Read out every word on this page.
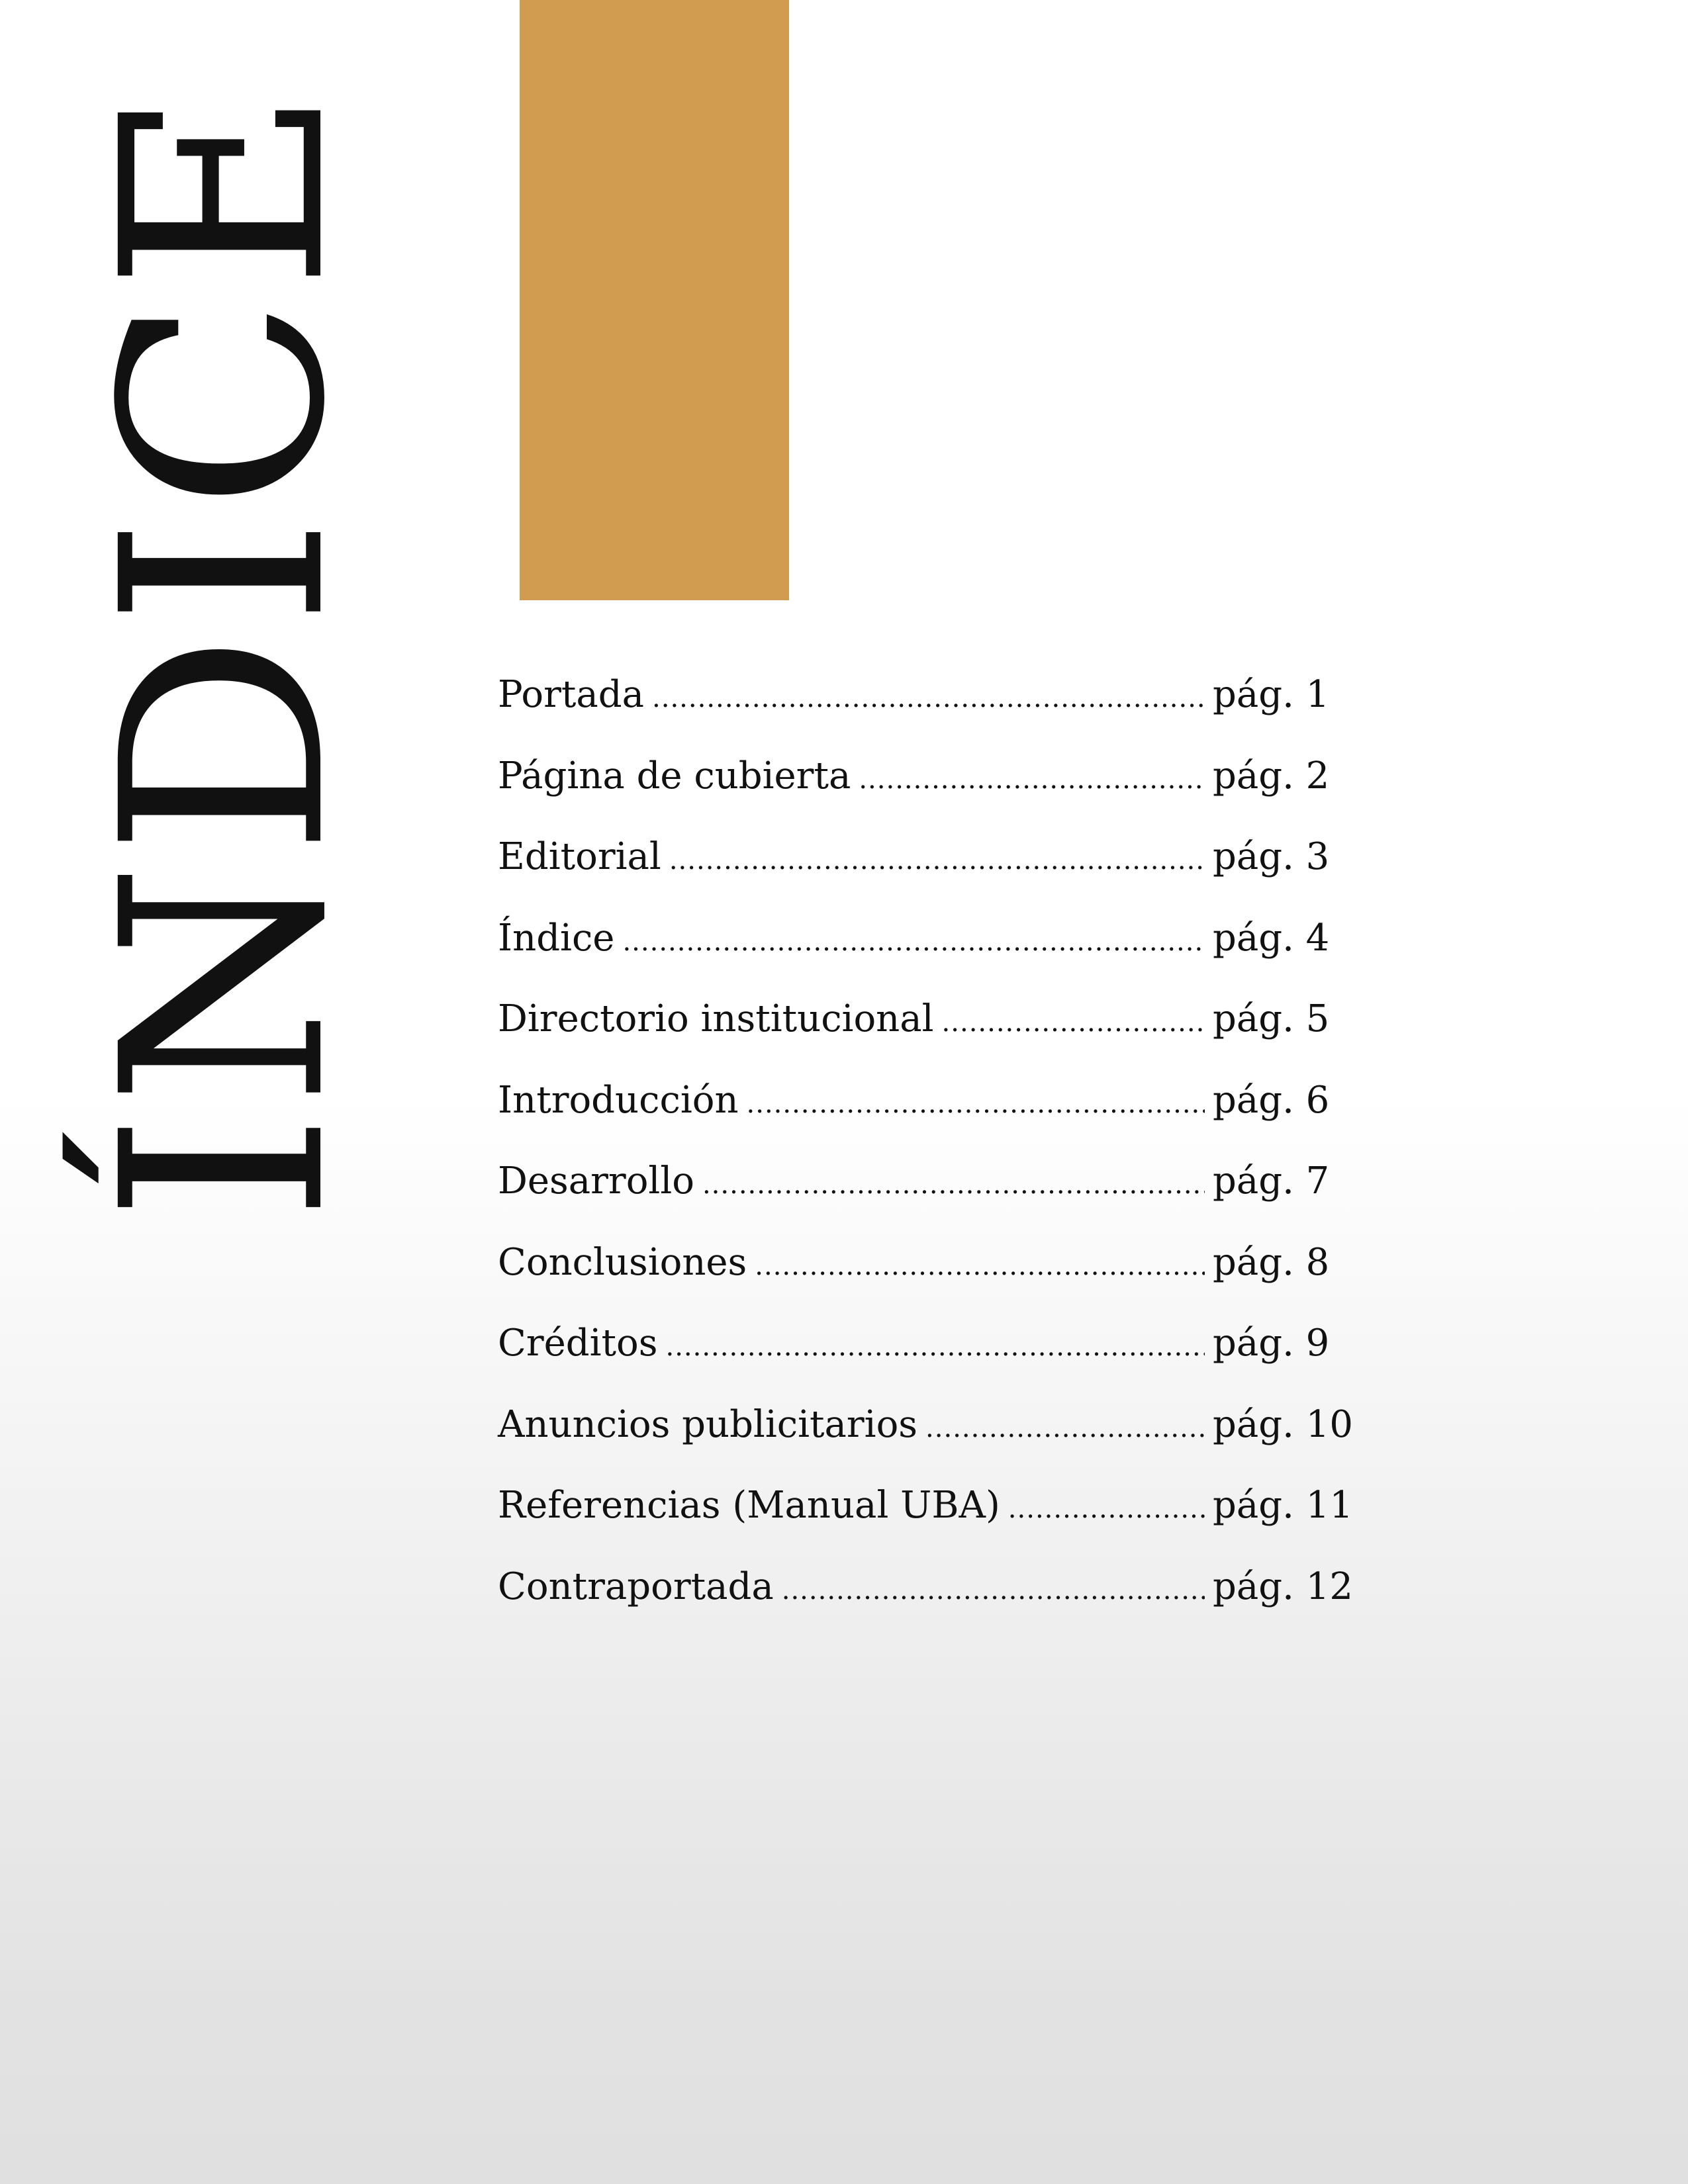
ÍNDICE	Portada .....	pág. 1
Página de cubierta .....	pág. 2
Editorial .....	pág. 3
Índice .....	pág. 4
Directorio institucional .....	pág. 5
Introducción .....	pág. 6
Desarrollo .....	pág. 7
Conclusiones .....	pág. 8
Créditos .....	pág. 9
Anuncios publicitarios .....	pág. 10
Referencias (Manual UBA) .....	pág. 11
Contraportada .....	pág. 12
